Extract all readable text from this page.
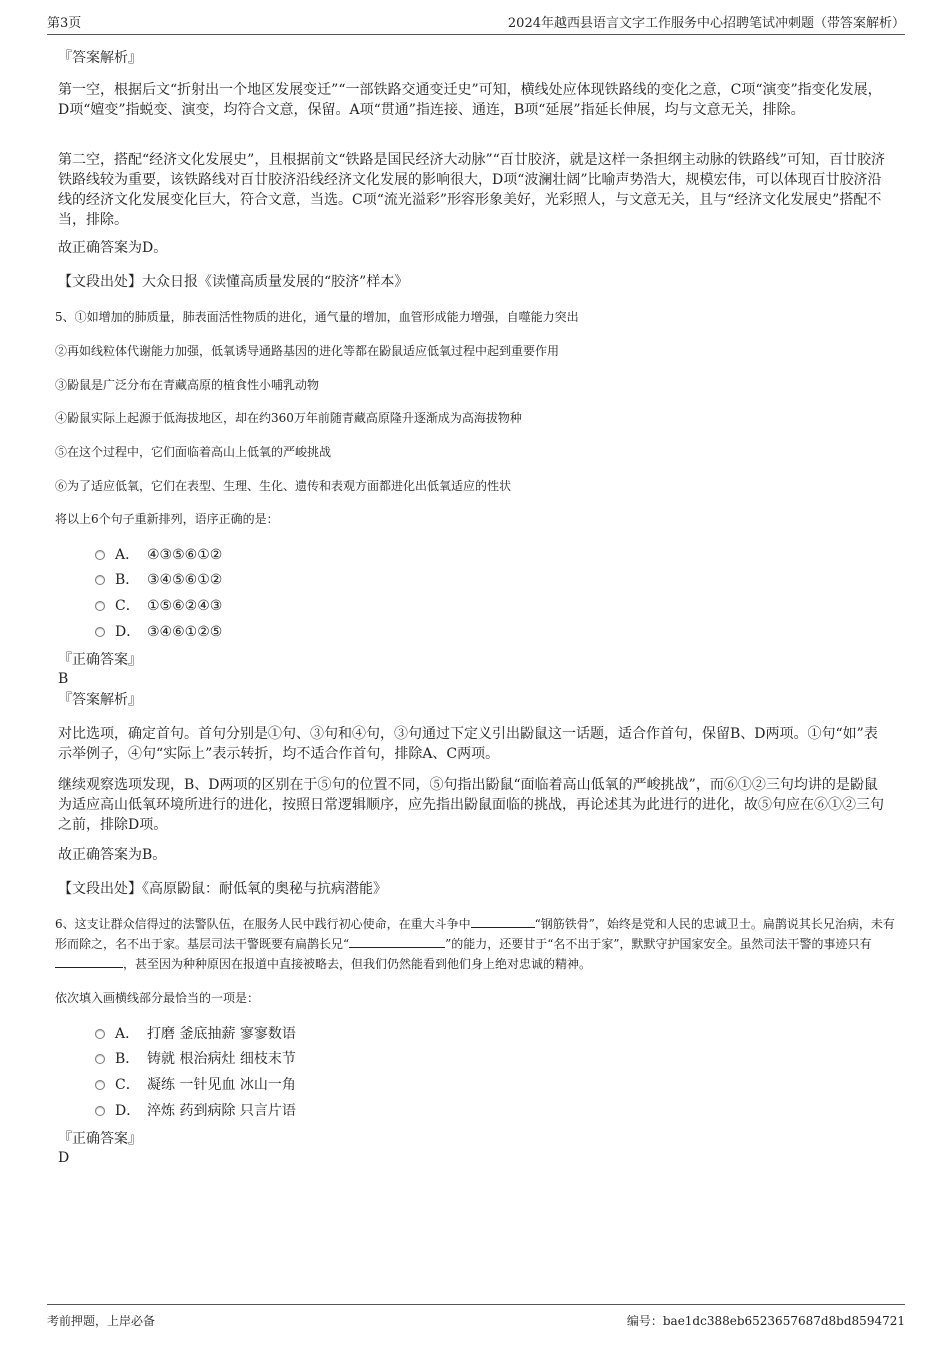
第3页	2024年越西县语言文字工作服务中心招聘笔试冲刺题（带答案解析）
『答案解析』
第一空，根据后文“折射出一个地区发展变迁”“一部铁路交通变迁史”可知，横线处应体现铁路线的变化之意，C项“演变”指变化发展，D项“嬗变”指蜕变、演变，均符合文意，保留。A项“贯通”指连接、通连，B项“延展”指延长伸展，均与文意无关，排除。
第二空，搭配“经济文化发展史”，且根据前文“铁路是国民经济大动脉”“百廿胶济，就是这样一条担纲主动脉的铁路线”可知，百廿胶济铁路线较为重要，该铁路线对百廿胶济沿线经济文化发展的影响很大，D项“波澜壮阔”比喻声势浩大，规模宏伟，可以体现百廿胶济沿线的经济文化发展变化巨大，符合文意，当选。C项“流光溢彩”形容形象美好，光彩照人，与文意无关，且与“经济文化发展史”搭配不当，排除。
故正确答案为D。
【文段出处】大众日报《读懂高质量发展的“胶济”样本》
5、①如增加的肺质量，肺表面活性物质的进化，通气量的增加，血管形成能力增强，自噬能力突出
②再如线粒体代谢能力加强，低氧诱导通路基因的进化等都在鼢鼠适应低氧过程中起到重要作用
③鼢鼠是广泛分布在青藏高原的植食性小哺乳动物
④鼢鼠实际上起源于低海拔地区，却在约360万年前随青藏高原隆升逐渐成为高海拔物种
⑤在这个过程中，它们面临着高山上低氧的严峻挑战
⑥为了适应低氧，它们在表型、生理、生化、遗传和表观方面都进化出低氧适应的性状
将以上6个句子重新排列，语序正确的是：
A． ④③⑤⑥①②
B． ③④⑤⑥①②
C． ①⑤⑥②④③
D． ③④⑥①②⑤
『正确答案』
B
『答案解析』
对比选项，确定首句。首句分别是①句、③句和④句，③句通过下定义引出鼢鼠这一话题，适合作首句，保留B、D两项。①句“如”表示举例子，④句“实际上”表示转折，均不适合作首句，排除A、C两项。
继续观察选项发现，B、D两项的区别在于⑤句的位置不同，⑤句指出鼢鼠“面临着高山低氧的严峻挑战”，而⑥①②三句均讲的是鼢鼠为适应高山低氧环境所进行的进化，按照日常逻辑顺序，应先指出鼢鼠面临的挑战，再论述其为此进行的进化，故⑤句应在⑥①②三句之前，排除D项。
故正确答案为B。
【文段出处】《高原鼢鼠：耐低氧的奥秘与抗病潜能》
6、这支让群众信得过的法警队伍，在服务人民中践行初心使命，在重大斗争中	“钢筋铁骨”，始终是党和人民的忠诚卫士。扁鹊说其长兄治病，未有形而除之，名不出于家。基层司法干警既要有扁鹊长兄“	”的能力，还要甘于“名不出于家”，默默守护国家安全。虽然司法干警的事迹只有，甚至因为种种原因在报道中直接被略去，但我们仍然能看到他们身上绝对忠诚的精神。
依次填入画横线部分最恰当的一项是：
A． 打磨 釜底抽薪 寥寥数语
B． 铸就 根治病灶 细枝末节
C． 凝练 一针见血 冰山一角
D． 淬炼 药到病除 只言片语
『正确答案』
D
考前押题，上岸必备	编号：bae1dc388eb6523657687d8bd8594721
